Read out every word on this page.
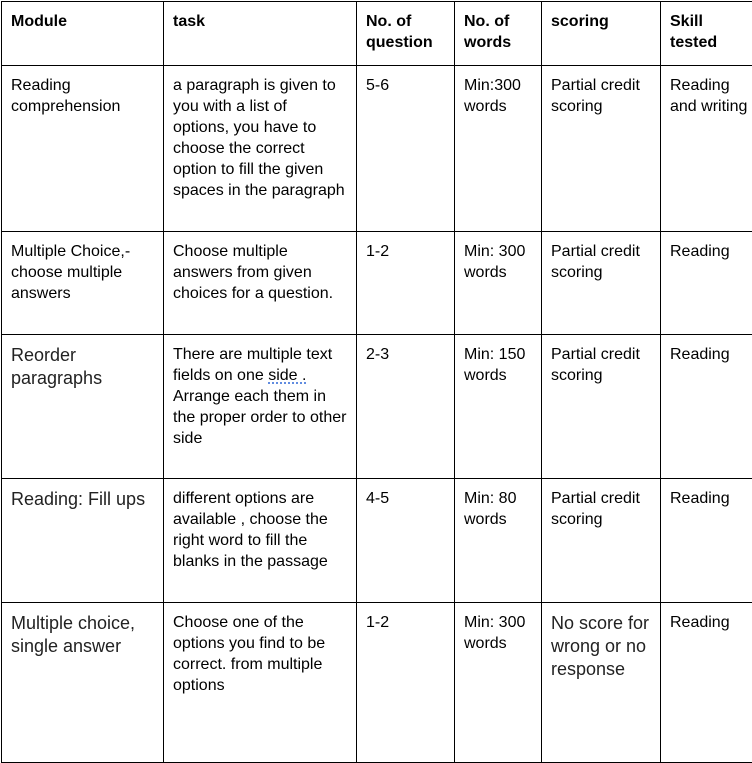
Module	task	No. of question	No. of words	scoring	Skill tested
Reading comprehension	a paragraph is given to you with a list of options, you have to choose the correct option to fill the given spaces in the paragraph	5-6	Min:300 words	Partial credit scoring	Reading and writing
Multiple Choice,-choose multiple answers	Choose multiple answers from given choices for a question.	1-2	Min: 300 words	Partial credit scoring	Reading
Reorder paragraphs	There are multiple text fields on one side . Arrange each them in the proper order to other side	2-3	Min: 150 words	Partial credit scoring	Reading
Reading: Fill ups	different options are available , choose the right word to fill the blanks in the passage	4-5	Min: 80 words	Partial credit scoring	Reading
Multiple choice, single answer	Choose one of the options you find to be correct. from multiple options	1-2	Min: 300 words	No score for wrong or no response	Reading
